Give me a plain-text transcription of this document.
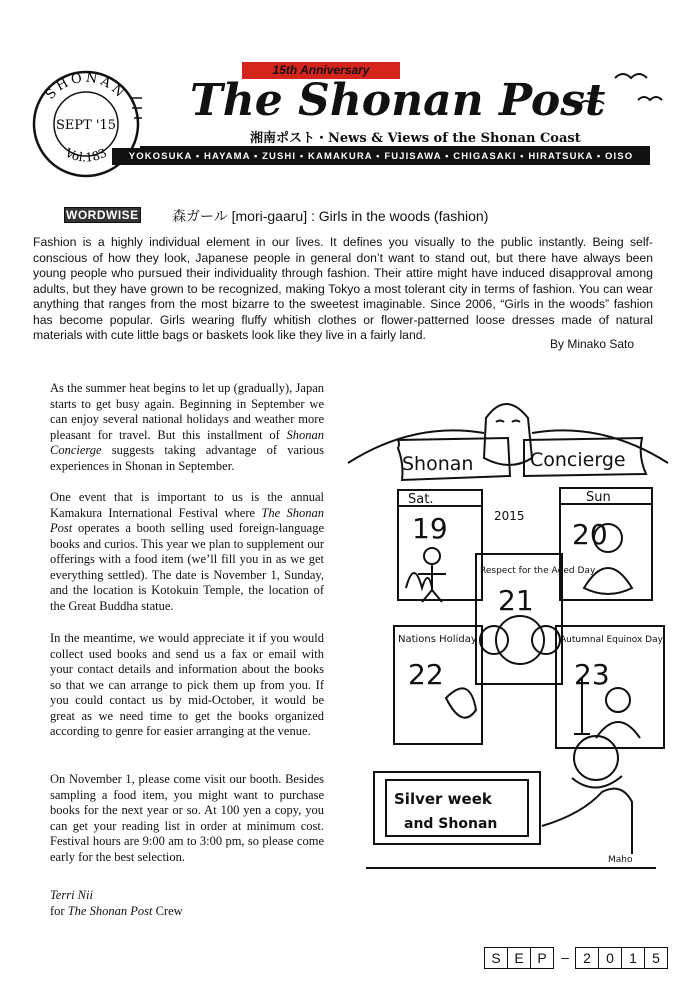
15th Anniversary
SHONAN
SEPT '15
Vol.183
The Shonan Post
湘南ポスト・News & Views of the Shonan Coast
YOKOSUKA • HAYAMA • ZUSHI • KAMAKURA • FUJISAWA • CHIGASAKI • HIRATSUKA • OISO
WORDWISE 森ガール [mori-gaaru] : Girls in the woods (fashion)
Fashion is a highly individual element in our lives. It defines you visually to the public instantly. Being self-conscious of how they look, Japanese people in general don’t want to stand out, but there have always been young people who pursued their individuality through fashion. Their attire might have induced disapproval among adults, but they have grown to be recognized, making Tokyo a most tolerant city in terms of fashion. You can wear anything that ranges from the most bizarre to the sweetest imaginable. Since 2006, “Girls in the woods” fashion has become popular. Girls wearing fluffy whitish clothes or flower-patterned loose dresses made of natural materials with cute little bags or baskets look like they live in a fairly land.
By Minako Sato

As the summer heat begins to let up (gradually), Japan starts to get busy again. Beginning in September we can enjoy several national holidays and weather more pleasant for travel. But this installment of Shonan Concierge suggests taking advantage of various experiences in Shonan in September.

One event that is important to us is the annual Kamakura International Festival where The Shonan Post operates a booth selling used foreign-language books and curios. This year we plan to supplement our offerings with a food item (we’ll fill you in as we get everything settled). The date is November 1, Sunday, and the location is Kotokuin Temple, the location of the Great Buddha statue.

In the meantime, we would appreciate it if you would collect used books and send us a fax or email with your contact details and information about the books so that we can arrange to pick them up from you. If you could contact us by mid-October, it would be great as we need time to get the books organized according to genre for easier arranging at the venue.

On November 1, please come visit our booth. Besides sampling a food item, you might want to purchase books for the next year or so. At 100 yen a copy, you can get your reading list in order at minimum cost. Festival hours are 9:00 am to 3:00 pm, so please come early for the best selection.

Terri Nii
for The Shonan Post Crew
Shonan	Concierge
2015
Sat.
19
Sun
20
Respect for the Aged Day
21
Nations Holiday
22
Autumnal Equinox Day
23
Silver week
and Shonan
Maho
S E P	–	2	0	1	5
